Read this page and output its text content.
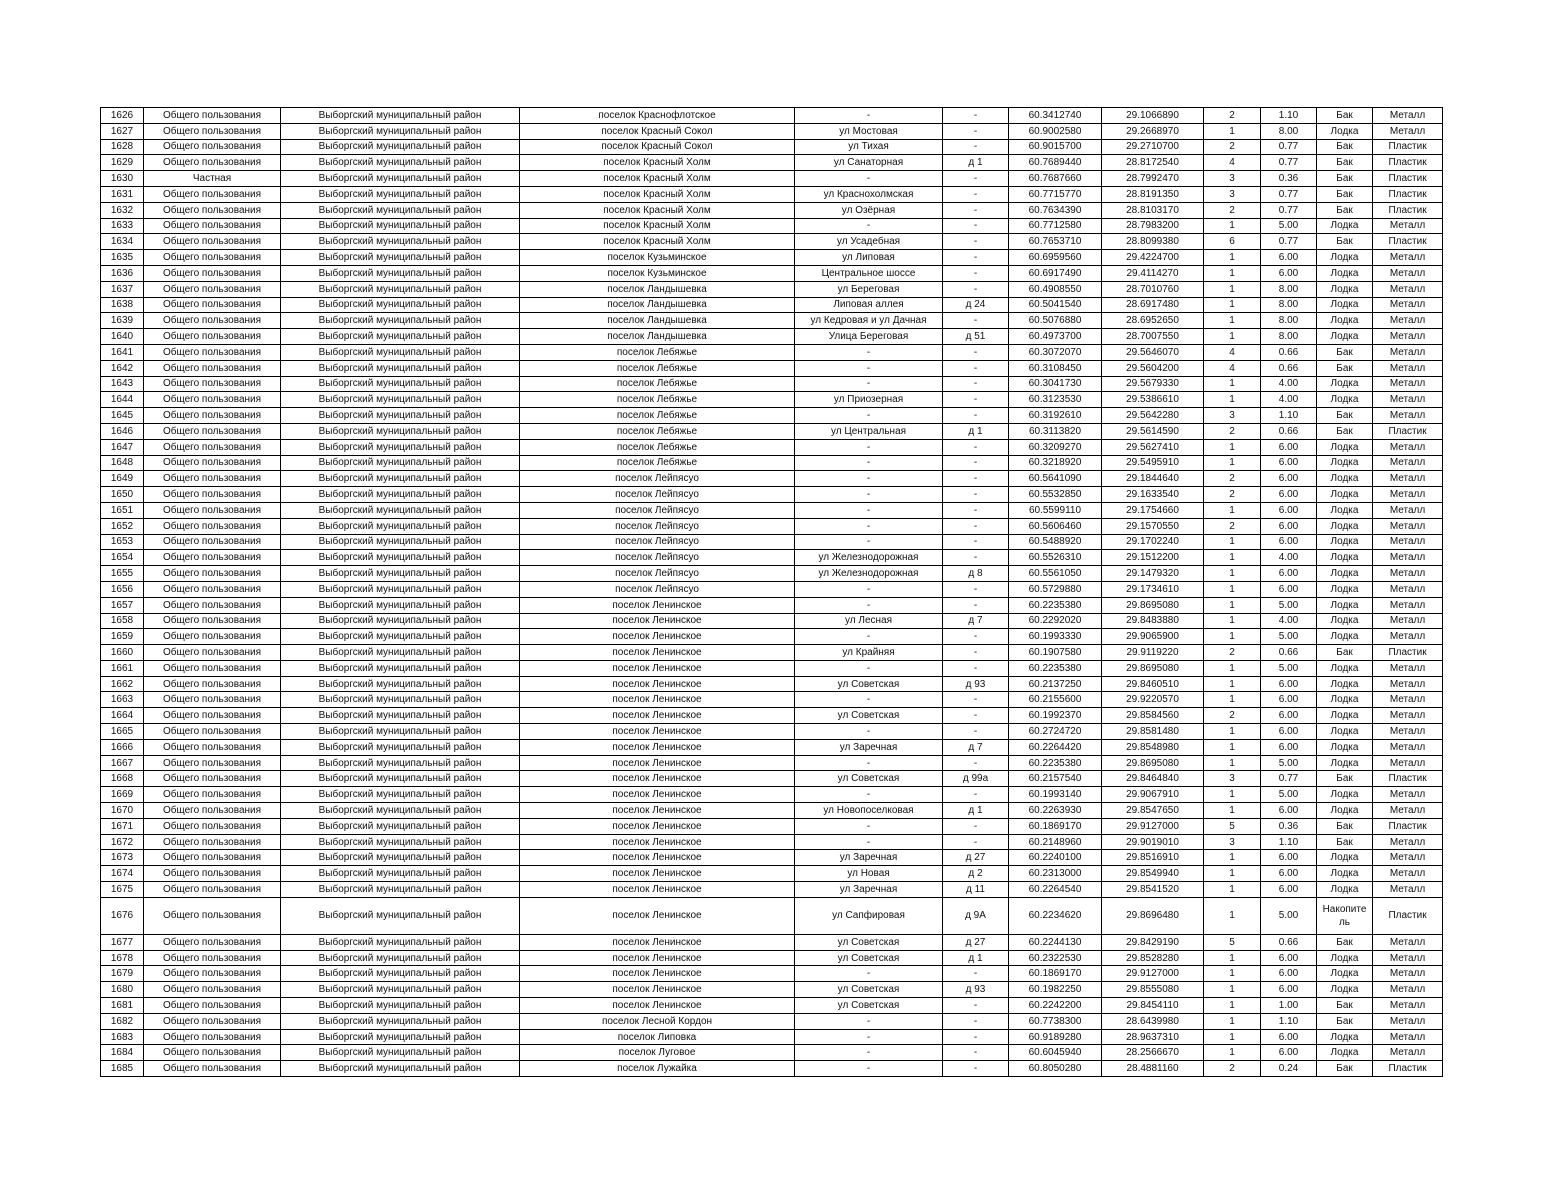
1626	Общего пользования	Выборгский муниципальный район	поселок Краснофлотское	-	-	60.3412740	29.1066890	2	1.10	Бак	Металл
1627	Общего пользования	Выборгский муниципальный район	поселок Красный Сокол	ул Мостовая	-	60.9002580	29.2668970	1	8.00	Лодка	Металл
1628	Общего пользования	Выборгский муниципальный район	поселок Красный Сокол	ул Тихая	-	60.9015700	29.2710700	2	0.77	Бак	Пластик
1629	Общего пользования	Выборгский муниципальный район	поселок Красный Холм	ул Санаторная	д 1	60.7689440	28.8172540	4	0.77	Бак	Пластик
1630	Частная	Выборгский муниципальный район	поселок Красный Холм	-	-	60.7687660	28.7992470	3	0.36	Бак	Пластик
1631	Общего пользования	Выборгский муниципальный район	поселок Красный Холм	ул Краснохолмская	-	60.7715770	28.8191350	3	0.77	Бак	Пластик
1632	Общего пользования	Выборгский муниципальный район	поселок Красный Холм	ул Озёрная	-	60.7634390	28.8103170	2	0.77	Бак	Пластик
1633	Общего пользования	Выборгский муниципальный район	поселок Красный Холм	-	-	60.7712580	28.7983200	1	5.00	Лодка	Металл
1634	Общего пользования	Выборгский муниципальный район	поселок Красный Холм	ул Усадебная	-	60.7653710	28.8099380	6	0.77	Бак	Пластик
1635	Общего пользования	Выборгский муниципальный район	поселок Кузьминское	ул Липовая	-	60.6959560	29.4224700	1	6.00	Лодка	Металл
1636	Общего пользования	Выборгский муниципальный район	поселок Кузьминское	Центральное шоссе	-	60.6917490	29.4114270	1	6.00	Лодка	Металл
1637	Общего пользования	Выборгский муниципальный район	поселок Ландышевка	ул Береговая	-	60.4908550	28.7010760	1	8.00	Лодка	Металл
1638	Общего пользования	Выборгский муниципальный район	поселок Ландышевка	Липовая аллея	д 24	60.5041540	28.6917480	1	8.00	Лодка	Металл
1639	Общего пользования	Выборгский муниципальный район	поселок Ландышевка	ул Кедровая и ул Дачная	-	60.5076880	28.6952650	1	8.00	Лодка	Металл
1640	Общего пользования	Выборгский муниципальный район	поселок Ландышевка	Улица Береговая	д 51	60.4973700	28.7007550	1	8.00	Лодка	Металл
1641	Общего пользования	Выборгский муниципальный район	поселок Лебяжье	-	-	60.3072070	29.5646070	4	0.66	Бак	Металл
1642	Общего пользования	Выборгский муниципальный район	поселок Лебяжье	-	-	60.3108450	29.5604200	4	0.66	Бак	Металл
1643	Общего пользования	Выборгский муниципальный район	поселок Лебяжье	-	-	60.3041730	29.5679330	1	4.00	Лодка	Металл
1644	Общего пользования	Выборгский муниципальный район	поселок Лебяжье	ул Приозерная	-	60.3123530	29.5386610	1	4.00	Лодка	Металл
1645	Общего пользования	Выборгский муниципальный район	поселок Лебяжье	-	-	60.3192610	29.5642280	3	1.10	Бак	Металл
1646	Общего пользования	Выборгский муниципальный район	поселок Лебяжье	ул Центральная	д 1	60.3113820	29.5614590	2	0.66	Бак	Пластик
1647	Общего пользования	Выборгский муниципальный район	поселок Лебяжье	-	-	60.3209270	29.5627410	1	6.00	Лодка	Металл
1648	Общего пользования	Выборгский муниципальный район	поселок Лебяжье	-	-	60.3218920	29.5495910	1	6.00	Лодка	Металл
1649	Общего пользования	Выборгский муниципальный район	поселок Лейпясуо	-	-	60.5641090	29.1844640	2	6.00	Лодка	Металл
1650	Общего пользования	Выборгский муниципальный район	поселок Лейпясуо	-	-	60.5532850	29.1633540	2	6.00	Лодка	Металл
1651	Общего пользования	Выборгский муниципальный район	поселок Лейпясуо	-	-	60.5599110	29.1754660	1	6.00	Лодка	Металл
1652	Общего пользования	Выборгский муниципальный район	поселок Лейпясуо	-	-	60.5606460	29.1570550	2	6.00	Лодка	Металл
1653	Общего пользования	Выборгский муниципальный район	поселок Лейпясуо	-	-	60.5488920	29.1702240	1	6.00	Лодка	Металл
1654	Общего пользования	Выборгский муниципальный район	поселок Лейпясуо	ул Железнодорожная	-	60.5526310	29.1512200	1	4.00	Лодка	Металл
1655	Общего пользования	Выборгский муниципальный район	поселок Лейпясуо	ул Железнодорожная	д 8	60.5561050	29.1479320	1	6.00	Лодка	Металл
1656	Общего пользования	Выборгский муниципальный район	поселок Лейпясуо	-	-	60.5729880	29.1734610	1	6.00	Лодка	Металл
1657	Общего пользования	Выборгский муниципальный район	поселок Ленинское	-	-	60.2235380	29.8695080	1	5.00	Лодка	Металл
1658	Общего пользования	Выборгский муниципальный район	поселок Ленинское	ул Лесная	д 7	60.2292020	29.8483880	1	4.00	Лодка	Металл
1659	Общего пользования	Выборгский муниципальный район	поселок Ленинское	-	-	60.1993330	29.9065900	1	5.00	Лодка	Металл
1660	Общего пользования	Выборгский муниципальный район	поселок Ленинское	ул Крайняя	-	60.1907580	29.9119220	2	0.66	Бак	Пластик
1661	Общего пользования	Выборгский муниципальный район	поселок Ленинское	-	-	60.2235380	29.8695080	1	5.00	Лодка	Металл
1662	Общего пользования	Выборгский муниципальный район	поселок Ленинское	ул Советская	д 93	60.2137250	29.8460510	1	6.00	Лодка	Металл
1663	Общего пользования	Выборгский муниципальный район	поселок Ленинское	-	-	60.2155600	29.9220570	1	6.00	Лодка	Металл
1664	Общего пользования	Выборгский муниципальный район	поселок Ленинское	ул Советская	-	60.1992370	29.8584560	2	6.00	Лодка	Металл
1665	Общего пользования	Выборгский муниципальный район	поселок Ленинское	-	-	60.2724720	29.8581480	1	6.00	Лодка	Металл
1666	Общего пользования	Выборгский муниципальный район	поселок Ленинское	ул Заречная	д 7	60.2264420	29.8548980	1	6.00	Лодка	Металл
1667	Общего пользования	Выборгский муниципальный район	поселок Ленинское	-	-	60.2235380	29.8695080	1	5.00	Лодка	Металл
1668	Общего пользования	Выборгский муниципальный район	поселок Ленинское	ул Советская	д 99а	60.2157540	29.8464840	3	0.77	Бак	Пластик
1669	Общего пользования	Выборгский муниципальный район	поселок Ленинское	-	-	60.1993140	29.9067910	1	5.00	Лодка	Металл
1670	Общего пользования	Выборгский муниципальный район	поселок Ленинское	ул Новопоселковая	д 1	60.2263930	29.8547650	1	6.00	Лодка	Металл
1671	Общего пользования	Выборгский муниципальный район	поселок Ленинское	-	-	60.1869170	29.9127000	5	0.36	Бак	Пластик
1672	Общего пользования	Выборгский муниципальный район	поселок Ленинское	-	-	60.2148960	29.9019010	3	1.10	Бак	Металл
1673	Общего пользования	Выборгский муниципальный район	поселок Ленинское	ул Заречная	д 27	60.2240100	29.8516910	1	6.00	Лодка	Металл
1674	Общего пользования	Выборгский муниципальный район	поселок Ленинское	ул Новая	д 2	60.2313000	29.8549940	1	6.00	Лодка	Металл
1675	Общего пользования	Выборгский муниципальный район	поселок Ленинское	ул Заречная	д 11	60.2264540	29.8541520	1	6.00	Лодка	Металл
1676	Общего пользования	Выборгский муниципальный район	поселок Ленинское	ул Сапфировая	д 9А	60.2234620	29.8696480	1	5.00	Накопите ль	Пластик
1677	Общего пользования	Выборгский муниципальный район	поселок Ленинское	ул Советская	д 27	60.2244130	29.8429190	5	0.66	Бак	Металл
1678	Общего пользования	Выборгский муниципальный район	поселок Ленинское	ул Советская	д 1	60.2322530	29.8528280	1	6.00	Лодка	Металл
1679	Общего пользования	Выборгский муниципальный район	поселок Ленинское	-	-	60.1869170	29.9127000	1	6.00	Лодка	Металл
1680	Общего пользования	Выборгский муниципальный район	поселок Ленинское	ул Советская	д 93	60.1982250	29.8555080	1	6.00	Лодка	Металл
1681	Общего пользования	Выборгский муниципальный район	поселок Ленинское	ул Советская	-	60.2242200	29.8454110	1	1.00	Бак	Металл
1682	Общего пользования	Выборгский муниципальный район	поселок Лесной Кордон	-	-	60.7738300	28.6439980	1	1.10	Бак	Металл
1683	Общего пользования	Выборгский муниципальный район	поселок Липовка	-	-	60.9189280	28.9637310	1	6.00	Лодка	Металл
1684	Общего пользования	Выборгский муниципальный район	поселок Луговое	-	-	60.6045940	28.2566670	1	6.00	Лодка	Металл
1685	Общего пользования	Выборгский муниципальный район	поселок Лужайка	-	-	60.8050280	28.4881160	2	0.24	Бак	Пластик
